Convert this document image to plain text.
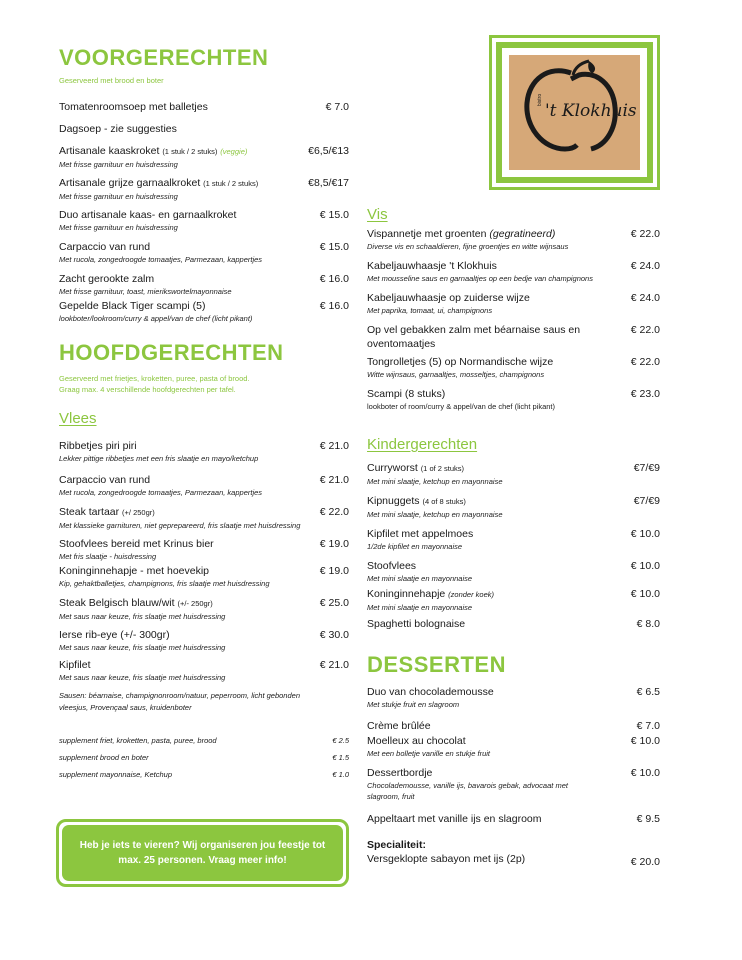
VOORGERECHTEN
Geserveerd met brood en boter
Tomatenroomsoep met balletjes	€ 7.0
Dagsoep - zie suggesties
Artisanale kaaskroket (1 stuk / 2 stuks) (veggie)	€6,5/€13
Met frisse garnituur en huisdressing
Artisanale grijze garnaalkroket (1 stuk / 2 stuks)	€8,5/€17
Met frisse garnituur en huisdressing
Duo artisanale kaas- en garnaalkroket	€ 15.0
Met frisse garnituur en huisdressing
Carpaccio van rund	€ 15.0
Met rucola, zongedroogde tomaatjes, Parmezaan, kappertjes
Zacht gerookte zalm	€ 16.0
Met frisse garnituur, toast, mierikswortelmayonnaise
Gepelde Black Tiger scampi (5)	€ 16.0
lookboter/lookroom/curry & appel/van de chef (licht pikant)
HOOFDGERECHTEN
Geserveerd met frietjes, kroketten, puree, pasta of brood.
Graag max. 4 verschillende hoofdgerechten per tafel.
Vlees
Ribbetjes piri piri	€ 21.0
Lekker pittige ribbetjes met een fris slaatje en mayo/ketchup
Carpaccio van rund	€ 21.0
Met rucola, zongedroogde tomaatjes, Parmezaan, kappertjes
Steak tartaar (+/ 250gr)	€ 22.0
Met klassieke garnituren, niet geprepareerd, fris slaatje met huisdressing
Stoofvlees bereid met Krinus bier	€ 19.0
Met fris slaatje - huisdressing
Koninginnehapje - met hoevekip	€ 19.0
Kip, gehaktballetjes, champignons, fris slaatje met huisdressing
Steak Belgisch blauw/wit (+/- 250gr)	€ 25.0
Met saus naar keuze, fris slaatje met huisdressing
Ierse rib-eye (+/- 300gr)	€ 30.0
Met saus naar keuze, fris slaatje met huisdressing
Kipfilet	€ 21.0
Met saus naar keuze, fris slaatje met huisdressing
Sausen: béarnaise, champignonroom/natuur, peperroom, licht gebonden vleesjus, Provençaal saus, kruidenboter
supplement friet, kroketten, pasta, puree, brood	€ 2.5
supplement brood en boter	€ 1.5
supplement mayonnaise, Ketchup	€ 1.0
Heb je iets te vieren? Wij organiseren jou feestje tot max. 25 personen. Vraag meer info!
bistro
't Klokhuis
Vis
Vispannetje met groenten (gegratineerd)	€ 22.0
Diverse vis en schaaldieren, fijne groentjes en witte wijnsaus
Kabeljauwhaasje 't Klokhuis	€ 24.0
Met mousseline saus en garnaaltjes op een bedje van champignons
Kabeljauwhaasje op zuiderse wijze	€ 24.0
Met paprika, tomaat, ui, champignons
Op vel gebakken zalm met béarnaise saus en oventomaatjes
€ 22.0
Tongrolletjes (5) op Normandische wijze	€ 22.0
Witte wijnsaus, garnaaltjes, mosseltjes, champignons
Scampi (8 stuks)	€ 23.0
lookboter of room/curry & appel/van de chef (licht pikant)
Kindergerechten
Curryworst (1 of 2 stuks)	€7/€9
Met mini slaatje, ketchup en mayonnaise
Kipnuggets (4 of 8 stuks)	€7/€9
Met mini slaatje, ketchup en mayonnaise
Kipfilet met appelmoes	€ 10.0
1/2de kipfilet en mayonnaise
Stoofvlees	€ 10.0
Met mini slaatje en mayonnaise
Koninginnehapje (zonder koek)	€ 10.0
Met mini slaatje en mayonnaise
Spaghetti bolognaise	€ 8.0
DESSERTEN
Duo van chocolademousse	€ 6.5
Met stukje fruit en slagroom
Crème brûlée	€ 7.0
Moelleux au chocolat	€ 10.0
Met een bolletje vanille en stukje fruit
Dessertbordje	€ 10.0
Chocolademousse, vanille ijs, bavarois gebak, advocaat met slagroom, fruit
Appeltaart met vanille ijs en slagroom	€ 9.5
Specialiteit:
Versgeklopte sabayon met ijs (2p)	€ 20.0
